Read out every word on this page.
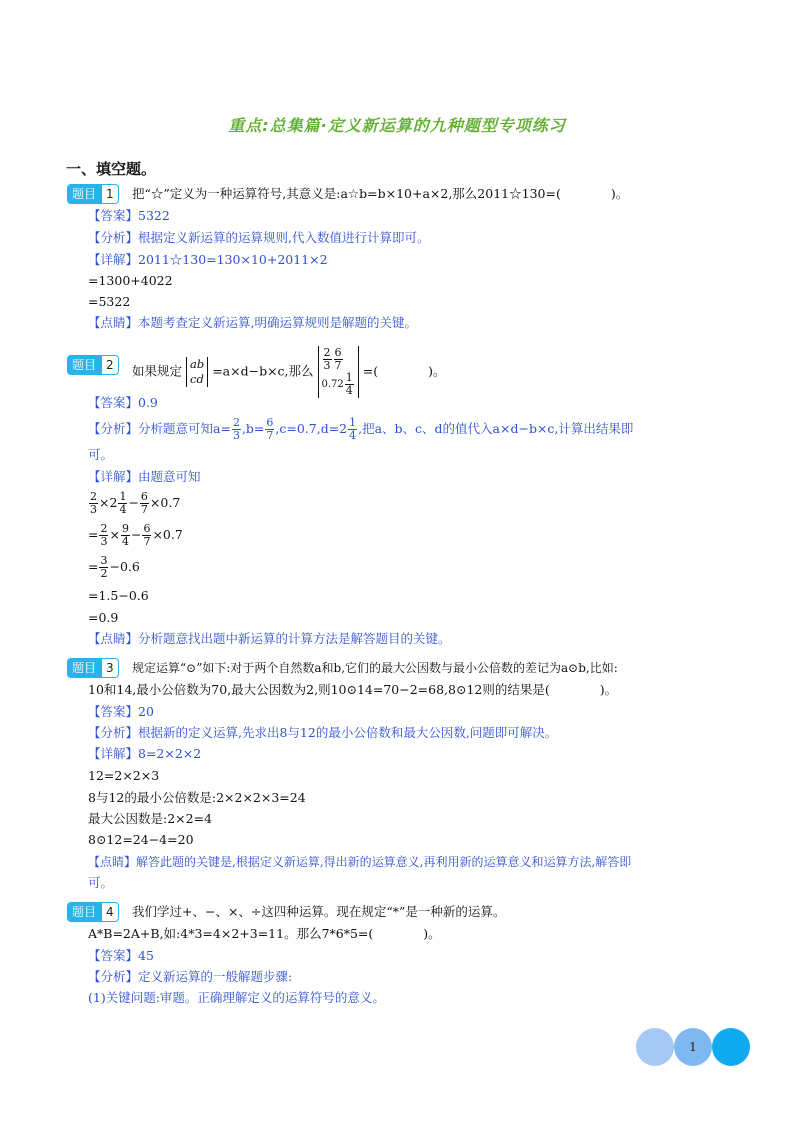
重点:总集篇·定义新运算的九种题型专项练习
一、填空题。
题目 1	把“☆”定义为一种运算符号,其意义是:a☆b=b×10+a×2,那么2011☆130=(　　　　)。
【答案】5322
【分析】根据定义新运算的运算规则,代入数值进行计算即可。
【详解】2011☆130=130×10+2011×2
=1300+4022
=5322
【点睛】本题考查定义新运算,明确运算规则是解题的关键。
题目 2	如果规定 ab
cd
=a×d−b×c,那么 $\frac{2}{3} \frac{6}{7}$
$0.72 \frac{1}{4}$
=(　　　　)。
【答案】0.9
【分析】分析题意可知$a= \frac{2}{3} ,b= \frac{6}{7} ,c=0.7,d=2 \frac{1}{4}$ ,把a、b、c、d的值代入a×d−b×c,计算出结果即
可。
【详解】由题意可知
$\frac{2}{3} \times 2 \frac{1}{4} - \frac{6}{7} \times 0.7$
= $\frac{2}{3} \times \frac{9}{4} - \frac{6}{7} \times 0.7$
= $\frac{3}{2} -0.6$
=1.5−0.6
=0.9
【点睛】分析题意找出题中新运算的计算方法是解答题目的关键。
题目 3	规定运算“⊙”如下:对于两个自然数a和b,它们的最大公因数与最小公倍数的差记为a⊙b,比如:
10和14,最小公倍数为70,最大公因数为2,则10⊙14=70−2=68,8⊙12则的结果是(　　　　)。
【答案】20
【分析】根据新的定义运算,先求出8与12的最小公倍数和最大公因数,问题即可解决。
【详解】8=2×2×2
12=2×2×3
8与12的最小公倍数是:2×2×2×3=24
最大公因数是:2×2=4
8⊙12=24−4=20
【点睛】解答此题的关键是,根据定义新运算,得出新的运算意义,再利用新的运算意义和运算方法,解答即
可。
题目 4	我们学过+、−、×、÷这四种运算。现在规定“*”是一种新的运算。
A*B=2A+B,如:4*3=4×2+3=11。那么7*6*5=(　　　　)。
【答案】45
【分析】定义新运算的一般解题步骤:
(1)关键问题:审题。正确理解定义的运算符号的意义。
1
